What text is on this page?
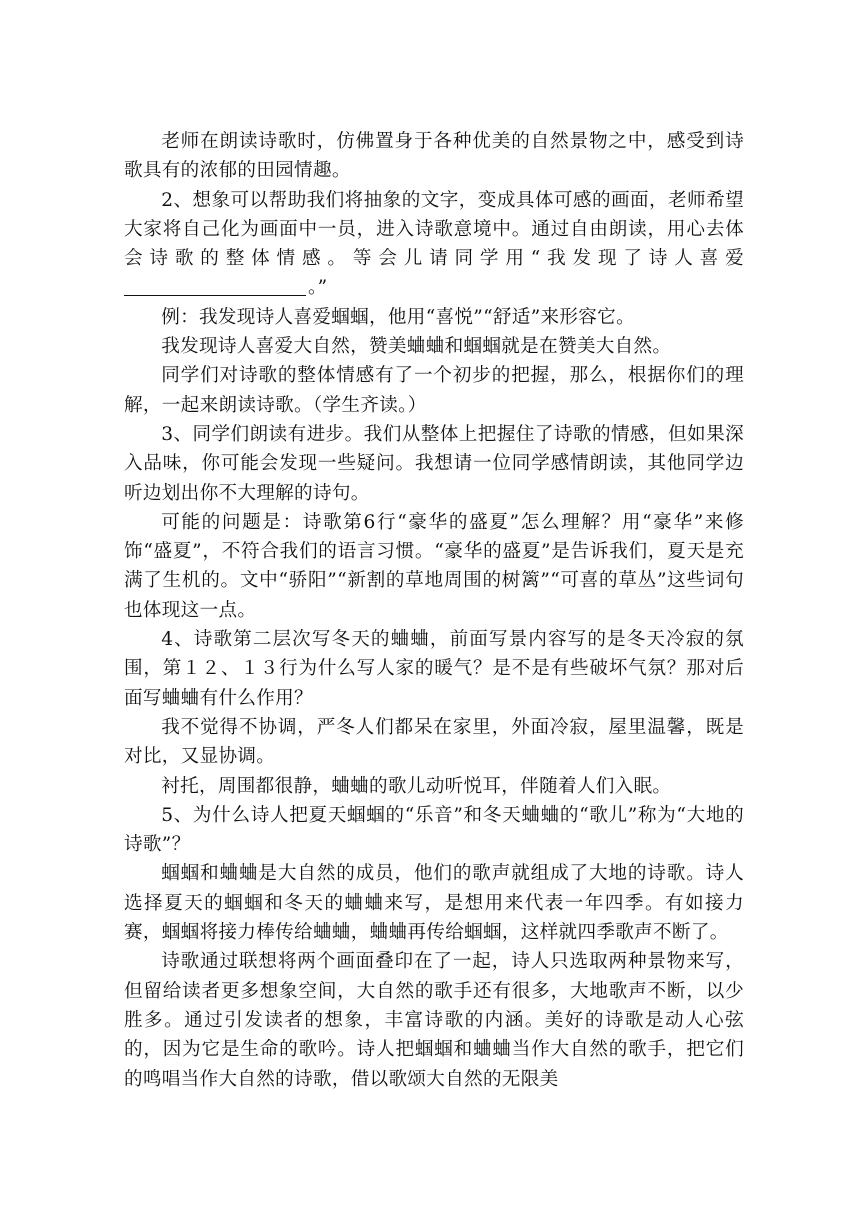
老师在朗读诗歌时，仿佛置身于各种优美的自然景物之中，感受到诗歌具有的浓郁的田园情趣。

2、想象可以帮助我们将抽象的文字，变成具体可感的画面，老师希望大家将自己化为画面中一员，进入诗歌意境中。通过自由朗读，用心去体会诗歌的整体情感。等会儿请同学用“我发现了诗人喜爱。”

例：我发现诗人喜爱蝈蝈，他用“喜悦”“舒适”来形容它。

我发现诗人喜爱大自然，赞美蛐蛐和蝈蝈就是在赞美大自然。

同学们对诗歌的整体情感有了一个初步的把握，那么，根据你们的理解，一起来朗读诗歌。（学生齐读。）

3、同学们朗读有进步。我们从整体上把握住了诗歌的情感，但如果深入品味，你可能会发现一些疑问。我想请一位同学感情朗读，其他同学边听边划出你不大理解的诗句。

可能的问题是：诗歌第6行“豪华的盛夏”怎么理解？用“豪华”来修饰“盛夏”，不符合我们的语言习惯。“豪华的盛夏”是告诉我们，夏天是充满了生机的。文中“骄阳”“新割的草地周围的树篱”“可喜的草丛”这些词句也体现这一点。

4、诗歌第二层次写冬天的蛐蛐，前面写景内容写的是冬天冷寂的氛围，第１２、１３行为什么写人家的暖气？是不是有些破坏气氛？那对后面写蛐蛐有什么作用？

我不觉得不协调，严冬人们都呆在家里，外面冷寂，屋里温馨，既是对比，又显协调。

衬托，周围都很静，蛐蛐的歌儿动听悦耳，伴随着人们入眠。

5、为什么诗人把夏天蝈蝈的“乐音”和冬天蛐蛐的“歌儿”称为“大地的诗歌”？

蝈蝈和蛐蛐是大自然的成员，他们的歌声就组成了大地的诗歌。诗人选择夏天的蝈蝈和冬天的蛐蛐来写，是想用来代表一年四季。有如接力赛，蝈蝈将接力棒传给蛐蛐，蛐蛐再传给蝈蝈，这样就四季歌声不断了。

诗歌通过联想将两个画面叠印在了一起，诗人只选取两种景物来写，但留给读者更多想象空间，大自然的歌手还有很多，大地歌声不断，以少胜多。通过引发读者的想象，丰富诗歌的内涵。美好的诗歌是动人心弦的，因为它是生命的歌吟。诗人把蝈蝈和蛐蛐当作大自然的歌手，把它们的鸣唱当作大自然的诗歌，借以歌颂大自然的无限美
